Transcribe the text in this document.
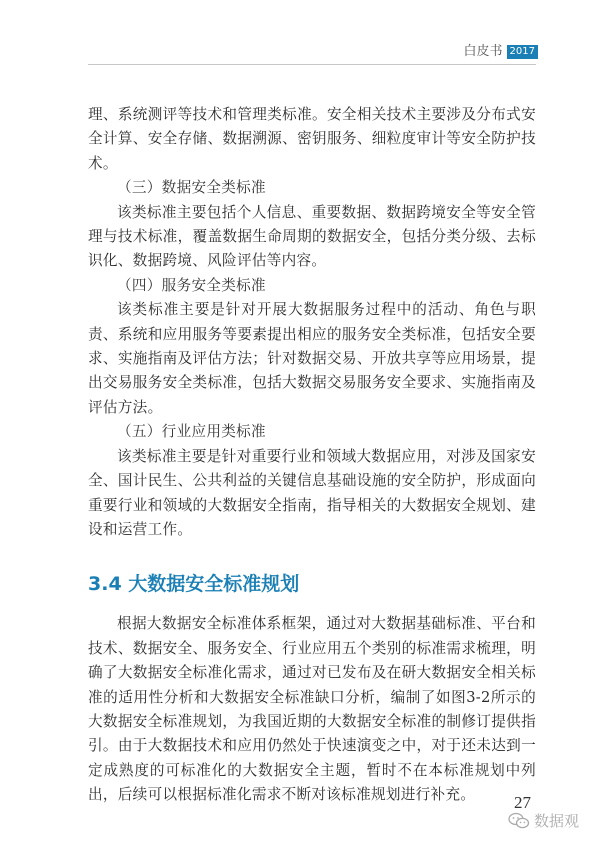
白皮书 2017

理、系统测评等技术和管理类标准。安全相关技术主要涉及分布式安全计算、安全存储、数据溯源、密钥服务、细粒度审计等安全防护技术。

（三）数据安全类标准

该类标准主要包括个人信息、重要数据、数据跨境安全等安全管理与技术标准，覆盖数据生命周期的数据安全，包括分类分级、去标识化、数据跨境、风险评估等内容。

（四）服务安全类标准

该类标准主要是针对开展大数据服务过程中的活动、角色与职责、系统和应用服务等要素提出相应的服务安全类标准，包括安全要求、实施指南及评估方法；针对数据交易、开放共享等应用场景，提出交易服务安全类标准，包括大数据交易服务安全要求、实施指南及评估方法。

（五）行业应用类标准

该类标准主要是针对重要行业和领域大数据应用，对涉及国家安全、国计民生、公共利益的关键信息基础设施的安全防护，形成面向重要行业和领域的大数据安全指南，指导相关的大数据安全规划、建设和运营工作。

3.4 大数据安全标准规划

根据大数据安全标准体系框架，通过对大数据基础标准、平台和技术、数据安全、服务安全、行业应用五个类别的标准需求梳理，明确了大数据安全标准化需求，通过对已发布及在研大数据安全相关标准的适用性分析和大数据安全标准缺口分析，编制了如图3-2所示的大数据安全标准规划，为我国近期的大数据安全标准的制修订提供指引。由于大数据技术和应用仍然处于快速演变之中，对于还未达到一定成熟度的可标准化的大数据安全主题，暂时不在本标准规划中列出，后续可以根据标准化需求不断对该标准规划进行补充。	27
数据观
